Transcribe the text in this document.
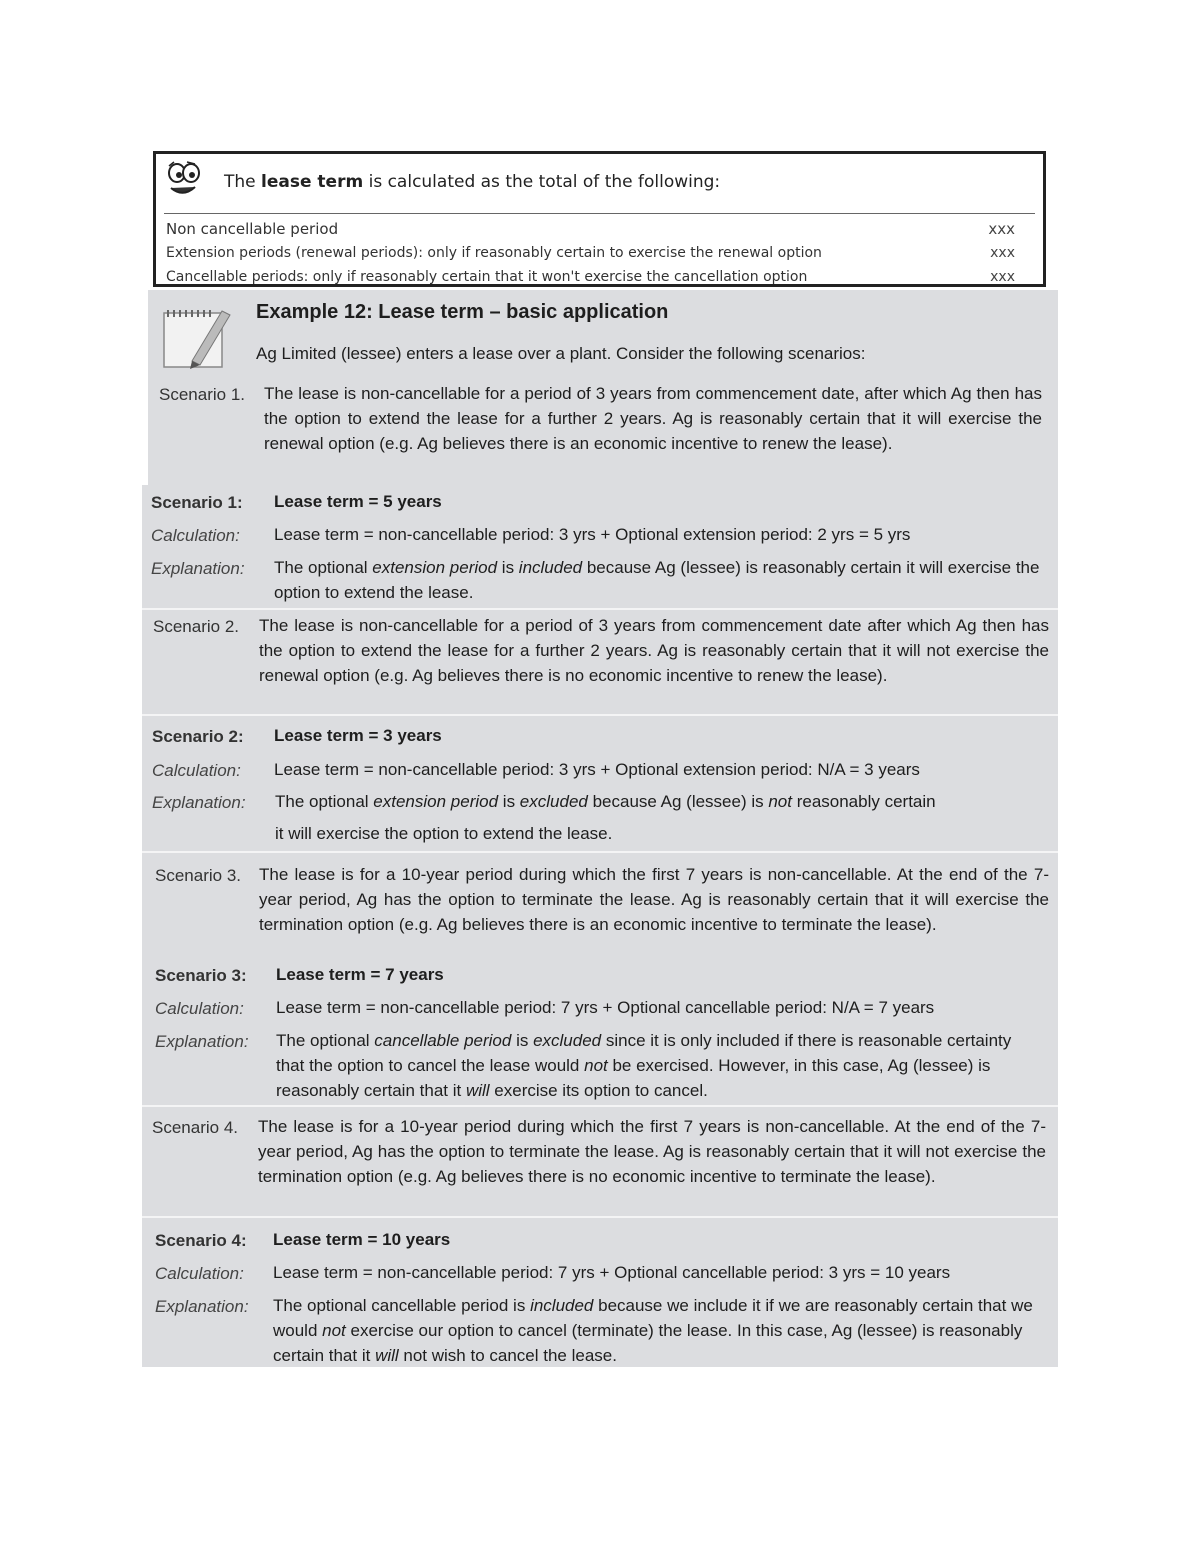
The lease term is calculated as the total of the following:
Non cancellable period	xxx
Extension periods (renewal periods): only if reasonably certain to exercise the renewal option	xxx
Cancellable periods: only if reasonably certain that it won't exercise the cancellation option	xxx
Example 12: Lease term – basic application
Ag Limited (lessee) enters a lease over a plant. Consider the following scenarios:
Scenario 1. The lease is non-cancellable for a period of 3 years from commencement date, after which Ag then has the option to extend the lease for a further 2 years. Ag is reasonably certain that it will exercise the renewal option (e.g. Ag believes there is an economic incentive to renew the lease).
Scenario 1: Lease term = 5 years
Calculation: Lease term = non-cancellable period: 3 yrs + Optional extension period: 2 yrs = 5 yrs
Explanation: The optional extension period is included because Ag (lessee) is reasonably certain it will exercise the option to extend the lease.
Scenario 2. The lease is non-cancellable for a period of 3 years from commencement date after which Ag then has the option to extend the lease for a further 2 years. Ag is reasonably certain that it will not exercise the renewal option (e.g. Ag believes there is no economic incentive to renew the lease).
Scenario 2: Lease term = 3 years
Calculation: Lease term = non-cancellable period: 3 yrs + Optional extension period: N/A = 3 years
Explanation: The optional extension period is excluded because Ag (lessee) is not reasonably certain
it will exercise the option to extend the lease.
Scenario 3. The lease is for a 10-year period during which the first 7 years is non-cancellable. At the end of the 7-year period, Ag has the option to terminate the lease. Ag is reasonably certain that it will exercise the termination option (e.g. Ag believes there is an economic incentive to terminate the lease).
Scenario 3: Lease term = 7 years
Calculation: Lease term = non-cancellable period: 7 yrs + Optional cancellable period: N/A = 7 years
Explanation: The optional cancellable period is excluded since it is only included if there is reasonable certainty that the option to cancel the lease would not be exercised. However, in this case, Ag (lessee) is reasonably certain that it will exercise its option to cancel.
Scenario 4. The lease is for a 10-year period during which the first 7 years is non-cancellable. At the end of the 7-year period, Ag has the option to terminate the lease. Ag is reasonably certain that it will not exercise the termination option (e.g. Ag believes there is no economic incentive to terminate the lease).
Scenario 4: Lease term = 10 years
Calculation: Lease term = non-cancellable period: 7 yrs + Optional cancellable period: 3 yrs = 10 years
Explanation: The optional cancellable period is included because we include it if we are reasonably certain that we would not exercise our option to cancel (terminate) the lease. In this case, Ag (lessee) is reasonably certain that it will not wish to cancel the lease.
